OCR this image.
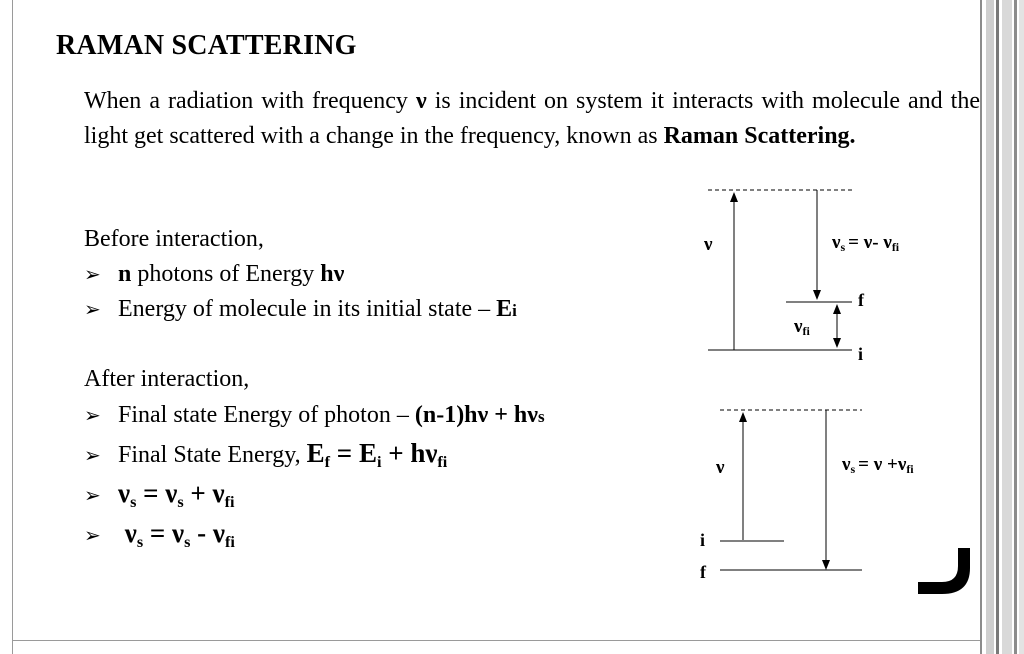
RAMAN SCATTERING
When a radiation with frequency ν is incident on system it interacts with molecule and the light get scattered with a change in the frequency, known as Raman Scattering.
Before interaction,
➢ n photons of Energy hν
➢ Energy of molecule in its initial state – Ei
After interaction,
➢ Final state Energy of photon – (n-1)hν + hνs
➢ Final State Energy, $E_f = E_i + h\nu_{fi}$
➢ $\nu_s = \nu_s + \nu_{fi}$
➢ $\nu_s = \nu_s - \nu_{fi}$
ν	νs = ν- νfi
νfi
f
i
ν	νs = ν +νfi
i
f
